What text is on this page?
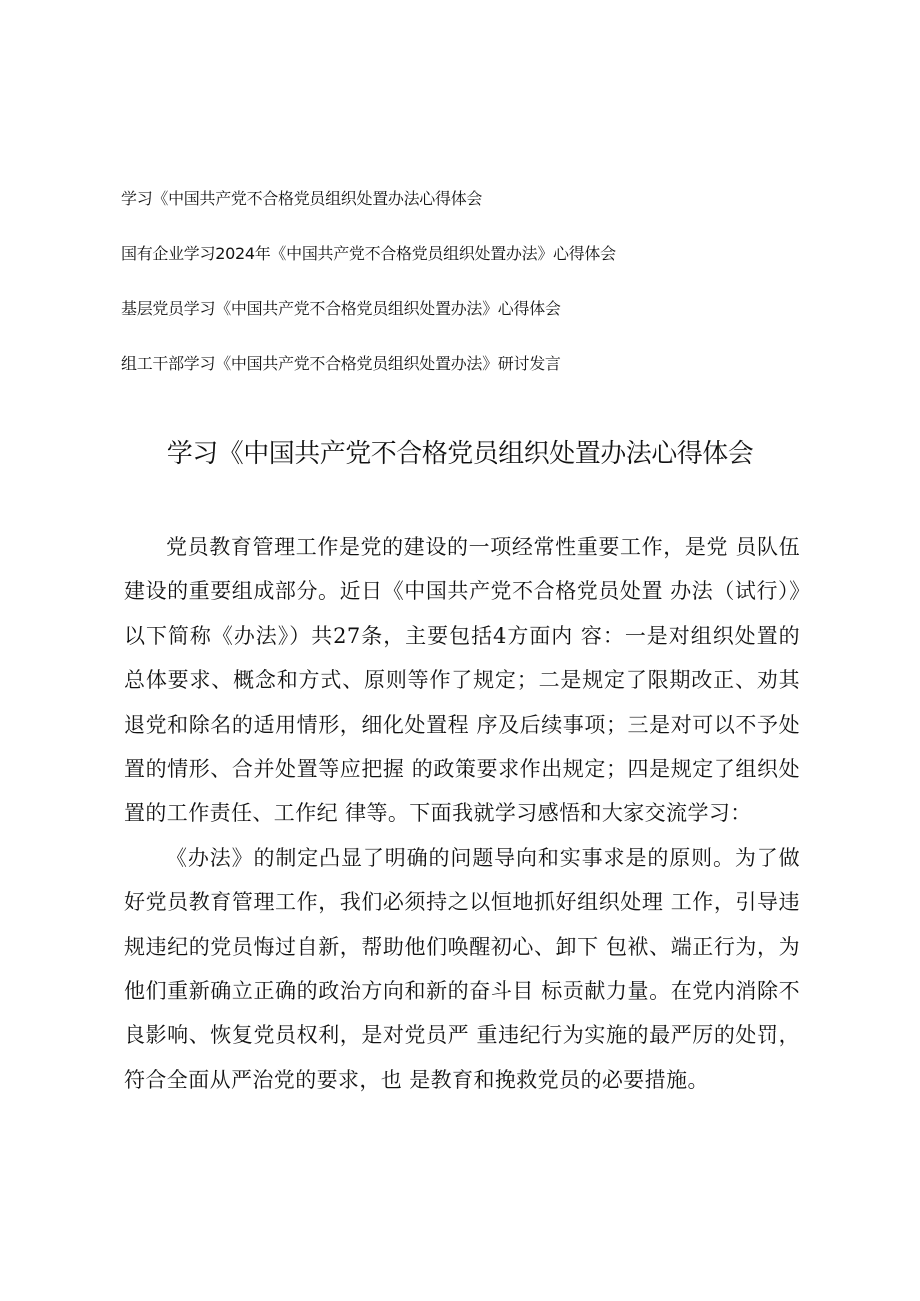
学习《中国共产党不合格党员组织处置办法心得体会
国有企业学习2024年《中国共产党不合格党员组织处置办法》心得体会
基层党员学习《中国共产党不合格党员组织处置办法》心得体会
组工干部学习《中国共产党不合格党员组织处置办法》研讨发言
学习《中国共产党不合格党员组织处置办法心得体会

党员教育管理工作是党的建设的一项经常性重要工作，是党 员队伍建设的重要组成部分。近日《中国共产党不合格党员处置 办法（试行）》以下简称《办法》）共27条，主要包括4方面内 容：一是对组织处置的总体要求、概念和方式、原则等作了规定；二是规定了限期改正、劝其退党和除名的适用情形，细化处置程 序及后续事项；三是对可以不予处置的情形、合并处置等应把握 的政策要求作出规定；四是规定了组织处置的工作责任、工作纪 律等。下面我就学习感悟和大家交流学习：

《办法》的制定凸显了明确的问题导向和实事求是的原则。为了做好党员教育管理工作，我们必须持之以恒地抓好组织处理 工作，引导违规违纪的党员悔过自新，帮助他们唤醒初心、卸下 包袱、端正行为，为他们重新确立正确的政治方向和新的奋斗目 标贡献力量。在党内消除不良影响、恢复党员权利，是对党员严 重违纪行为实施的最严厉的处罚，符合全面从严治党的要求，也 是教育和挽救党员的必要措施。
